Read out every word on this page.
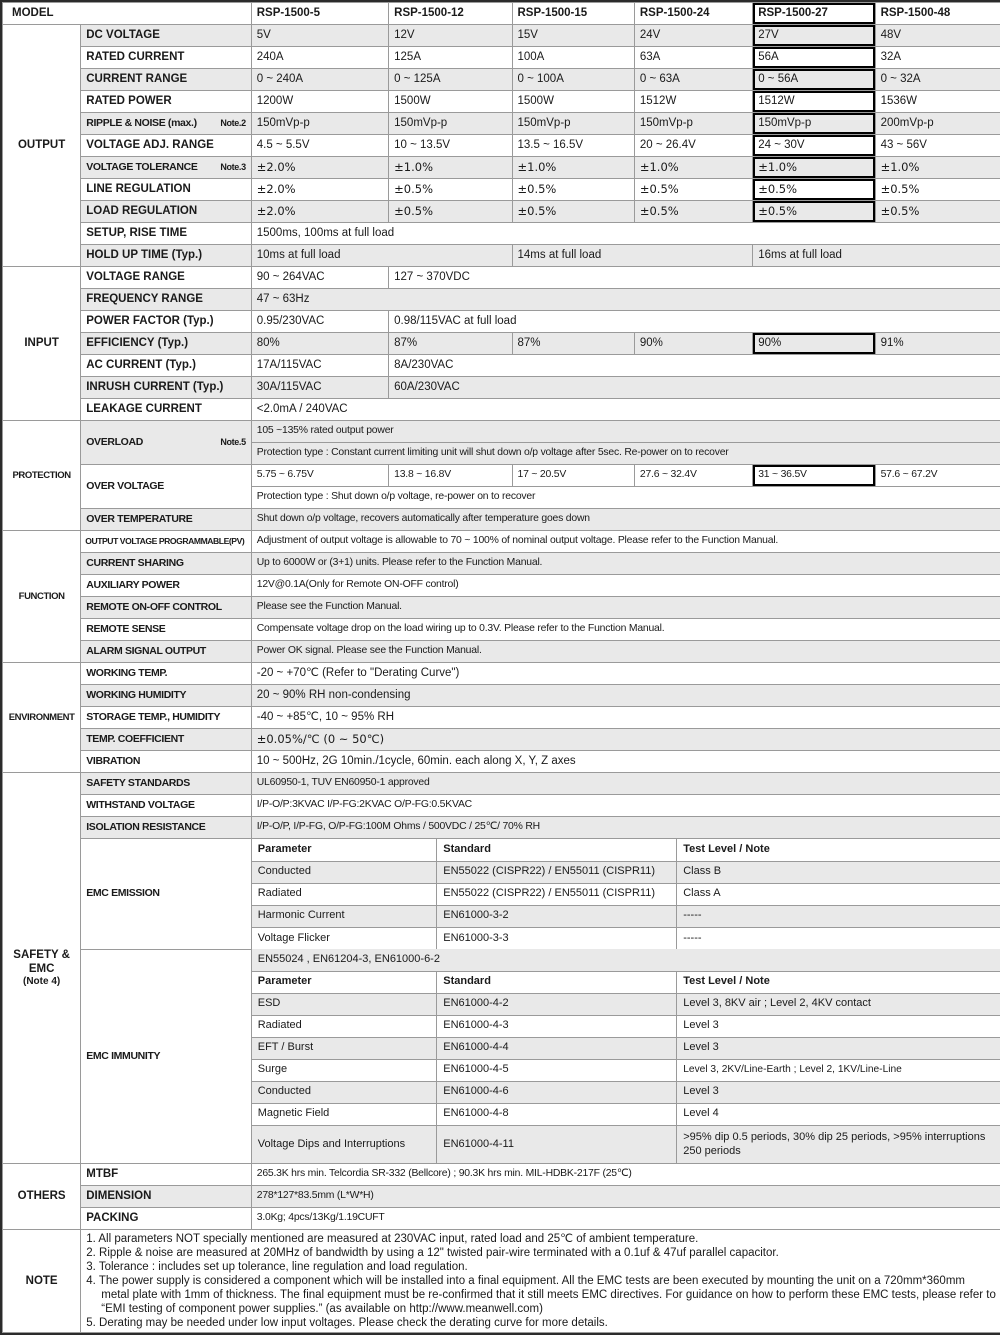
MODEL	RSP-1500-5	RSP-1500-12	RSP-1500-15	RSP-1500-24	RSP-1500-27	RSP-1500-48
OUTPUT	DC VOLTAGE	5V	12V	15V	24V	27V	48V
RATED CURRENT	240A	125A	100A	63A	56A	32A
CURRENT RANGE	0 ~ 240A	0 ~ 125A	0 ~ 100A	0 ~ 63A	0 ~ 56A	0 ~ 32A
RATED POWER	1200W	1500W	1500W	1512W	1512W	1536W

Note.2
RIPPLE & NOISE (max.)	150mVp-p	150mVp-p	150mVp-p	150mVp-p	150mVp-p	200mVp-p
VOLTAGE ADJ. RANGE	4.5 ~ 5.5V	10 ~ 13.5V	13.5 ~ 16.5V	20 ~ 26.4V	24 ~ 30V	43 ~ 56V

Note.3
VOLTAGE TOLERANCE	±2.0%	±1.0%	±1.0%	±1.0%	±1.0%	±1.0%
LINE REGULATION	±2.0%	±0.5%	±0.5%	±0.5%	±0.5%	±0.5%
LOAD REGULATION	±2.0%	±0.5%	±0.5%	±0.5%	±0.5%	±0.5%
SETUP, RISE TIME	1500ms, 100ms at full load
HOLD UP TIME (Typ.)	10ms at full load	14ms at full load	16ms at full load
INPUT	VOLTAGE RANGE	90 ~ 264VAC	127 ~ 370VDC
FREQUENCY RANGE	47 ~ 63Hz
POWER FACTOR (Typ.)	0.95/230VAC	0.98/115VAC at full load
EFFICIENCY (Typ.)	80%	87%	87%	90%	90%	91%
AC CURRENT (Typ.)	17A/115VAC	8A/230VAC
INRUSH CURRENT (Typ.)	30A/115VAC	60A/230VAC
LEAKAGE CURRENT	<2.0mA / 240VAC
PROTECTION	
Note.5
OVERLOAD	105 ~135% rated output power
Protection type : Constant current limiting unit will shut down o/p voltage after 5sec. Re-power on to recover
OVER VOLTAGE	5.75 ~ 6.75V	13.8 ~ 16.8V	17 ~ 20.5V	27.6 ~ 32.4V	31 ~ 36.5V	57.6 ~ 67.2V
Protection type : Shut down o/p voltage, re-power on to recover
OVER TEMPERATURE	Shut down o/p voltage, recovers automatically after temperature goes down
FUNCTION	OUTPUT VOLTAGE PROGRAMMABLE(PV)	Adjustment of output voltage is allowable to 70 ~ 100% of nominal output voltage. Please refer to the Function Manual.
CURRENT SHARING	Up to 6000W or (3+1) units. Please refer to the Function Manual.
AUXILIARY POWER	12V@0.1A(Only for Remote ON-OFF control)
REMOTE ON-OFF CONTROL	Please see the Function Manual.
REMOTE SENSE	Compensate voltage drop on the load wiring up to 0.3V. Please refer to the Function Manual.
ALARM SIGNAL OUTPUT	Power OK signal. Please see the Function Manual.
ENVIRONMENT	WORKING TEMP.	-20 ~ +70℃ (Refer to "Derating Curve")
WORKING HUMIDITY	20 ~ 90% RH non-condensing
STORAGE TEMP., HUMIDITY	-40 ~ +85℃, 10 ~ 95% RH
TEMP. COEFFICIENT	±0.05%/℃ (0 ~ 50℃)
VIBRATION	10 ~ 500Hz, 2G 10min./1cycle, 60min. each along X, Y, Z axes
SAFETY &
EMC
(Note 4)
	SAFETY STANDARDS	UL60950-1, TUV EN60950-1 approved
WITHSTAND VOLTAGE	I/P-O/P:3KVAC I/P-FG:2KVAC O/P-FG:0.5KVAC
ISOLATION RESISTANCE	I/P-O/P, I/P-FG, O/P-FG:100M Ohms / 500VDC / 25℃/ 70% RH
EMC EMISSION	
Parameter	Standard	Test Level / Note
Conducted	EN55022 (CISPR22) / EN55011 (CISPR11)	Class B
Radiated	EN55022 (CISPR22) / EN55011 (CISPR11)	Class A
Harmonic Current	EN61000-3-2	-----
Voltage Flicker	EN61000-3-3	-----

EMC IMMUNITY	
EN55024 , EN61204-3, EN61000-6-2
Parameter	Standard	Test Level / Note
ESD	EN61000-4-2	Level 3, 8KV air ; Level 2, 4KV contact
Radiated	EN61000-4-3	Level 3
EFT / Burst	EN61000-4-4	Level 3
Surge	EN61000-4-5	Level 3, 2KV/Line-Earth ; Level 2, 1KV/Line-Line
Conducted	EN61000-4-6	Level 3
Magnetic Field	EN61000-4-8	Level 4
Voltage Dips and Interruptions	EN61000-4-11	>95% dip 0.5 periods, 30% dip 25 periods, >95% interruptions 250 periods

OTHERS	MTBF	265.3K hrs min. Telcordia SR-332 (Bellcore) ; 90.3K hrs min. MIL-HDBK-217F (25℃)
DIMENSION	278*127*83.5mm (L*W*H)
PACKING	3.0Kg; 4pcs/13Kg/1.19CUFT
NOTE	
1. All parameters NOT specially mentioned are measured at 230VAC input, rated load and 25℃ of ambient temperature.
2. Ripple & noise are measured at 20MHz of bandwidth by using a 12" twisted pair-wire terminated with a 0.1uf & 47uf parallel capacitor.
3. Tolerance : includes set up tolerance, line regulation and load regulation.
4. The power supply is considered a component which will be installed into a final equipment. All the EMC tests are been executed by mounting the unit on a 720mm*360mm metal plate with 1mm of thickness. The final equipment must be re-confirmed that it still meets EMC directives. For guidance on how to perform these EMC tests, please refer to “EMI testing of component power supplies.” (as available on http://www.meanwell.com)
5. Derating may be needed under low input voltages. Please check the derating curve for more details.
